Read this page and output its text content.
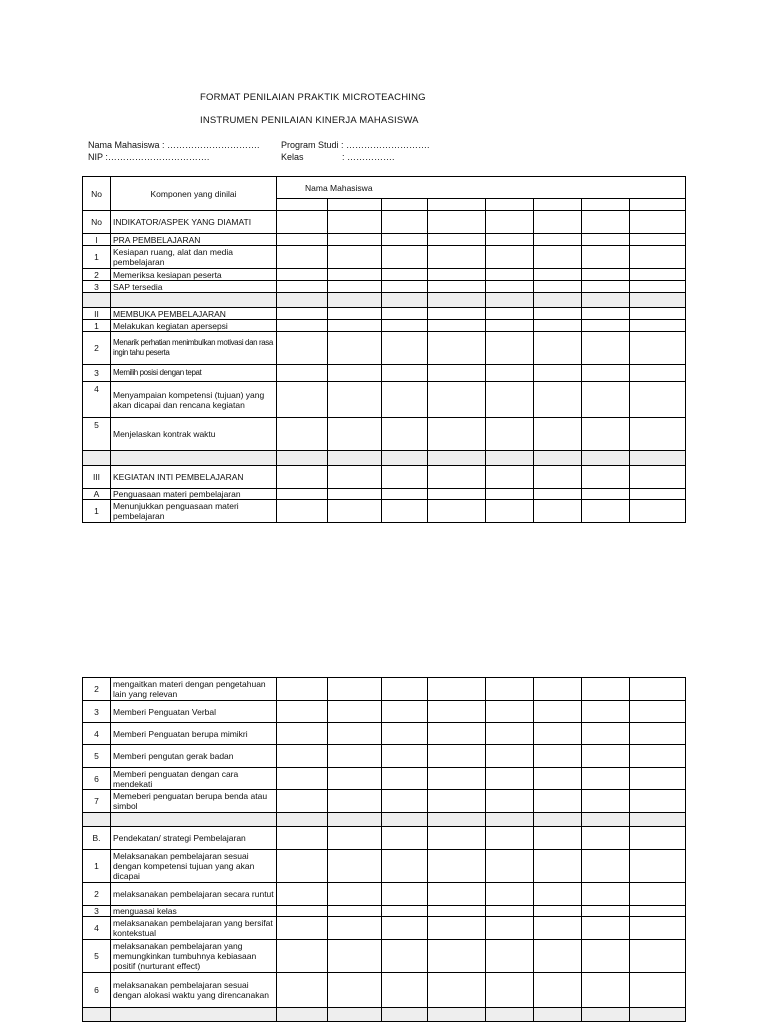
FORMAT PENILAIAN PRAKTIK MICROTEACHING
INSTRUMEN PENILAIAN KINERJA MAHASISWA
Nama Mahasiswa : ………………………….
NIP :…………………………….
Program Studi : ……………………….
Kelas	: …………….
No	Komponen yang dinilai	Nama Mahasiswa							

No	INDIKATOR/ASPEK YANG DIAMATI								
I	PRA PEMBELAJARAN								
1	Kesiapan ruang, alat dan media pembelajaran								
2	Memeriksa kesiapan peserta								
3	SAP tersedia								

II	MEMBUKA PEMBELAJARAN								
1	Melakukan kegiatan apersepsi								
2	Menarik perhatian menimbulkan motivasi dan rasa ingin tahu peserta								
3	Memilih posisi dengan tepat								
4	Menyampaian kompetensi (tujuan) yang akan dicapai dan rencana kegiatan								
5	Menjelaskan kontrak waktu								

III	KEGIATAN INTI PEMBELAJARAN								
A	Penguasaan materi pembelajaran								
1	Menunjukkan penguasaan materi pembelajaran								
2	mengaitkan materi dengan pengetahuan lain yang relevan								
3	Memberi Penguatan Verbal								
4	Memberi Penguatan berupa mimikri								
5	Memberi pengutan gerak badan								
6	Memberi penguatan dengan cara mendekati								
7	Memeberi penguatan berupa benda atau simbol								

B.	Pendekatan/ strategi Pembelajaran								
1	Melaksanakan pembelajaran sesuai dengan kompetensi tujuan yang akan dicapai								
2	melaksanakan pembelajaran secara runtut								
3	menguasai kelas								
4	melaksanakan pembelajaran yang bersifat kontekstual								
5	melaksanakan pembelajaran yang memungkinkan tumbuhnya kebiasaan positif (nurturant effect)								
6	melaksanakan pembelajaran sesuai dengan alokasi waktu yang direncanakan								
